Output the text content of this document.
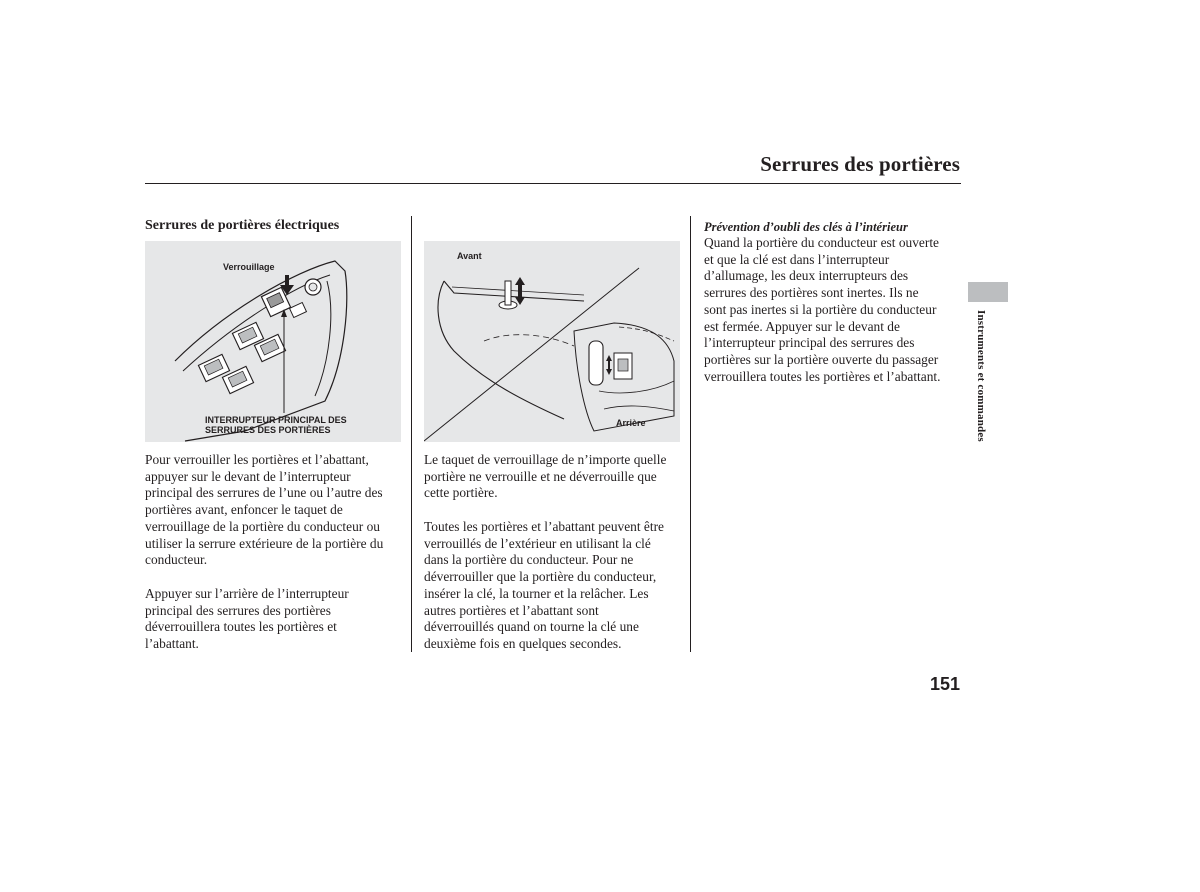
Serrures des portières
Serrures de portières électriques
Verrouillage
INTERRUPTEUR PRINCIPAL DES
SERRURES DES PORTIÈRES
Pour verrouiller les portières et l’abattant,
appuyer sur le devant de l’interrupteur
principal des serrures de l’une ou l’autre des
portières avant, enfoncer le taquet de
verrouillage de la portière du conducteur ou
utiliser la serrure extérieure de la portière du
conducteur.
Appuyer sur l’arrière de l’interrupteur
principal des serrures des portières
déverrouillera toutes les portières et
l’abattant.
Avant
Arrière
Le taquet de verrouillage de n’importe quelle
portière ne verrouille et ne déverrouille que
cette portière.
Toutes les portières et l’abattant peuvent être
verrouillés de l’extérieur en utilisant la clé
dans la portière du conducteur. Pour ne
déverrouiller que la portière du conducteur,
insérer la clé, la tourner et la relâcher. Les
autres portières et l’abattant sont
déverrouillés quand on tourne la clé une
deuxième fois en quelques secondes.
Prévention d’oubli des clés à l’intérieur
Quand la portière du conducteur est ouverte
et que la clé est dans l’interrupteur
d’allumage, les deux interrupteurs des
serrures des portières sont inertes. Ils ne
sont pas inertes si la portière du conducteur
est fermée. Appuyer sur le devant de
l’interrupteur principal des serrures des
portières sur la portière ouverte du passager
verrouillera toutes les portières et l’abattant.	Instruments et commandes
151
